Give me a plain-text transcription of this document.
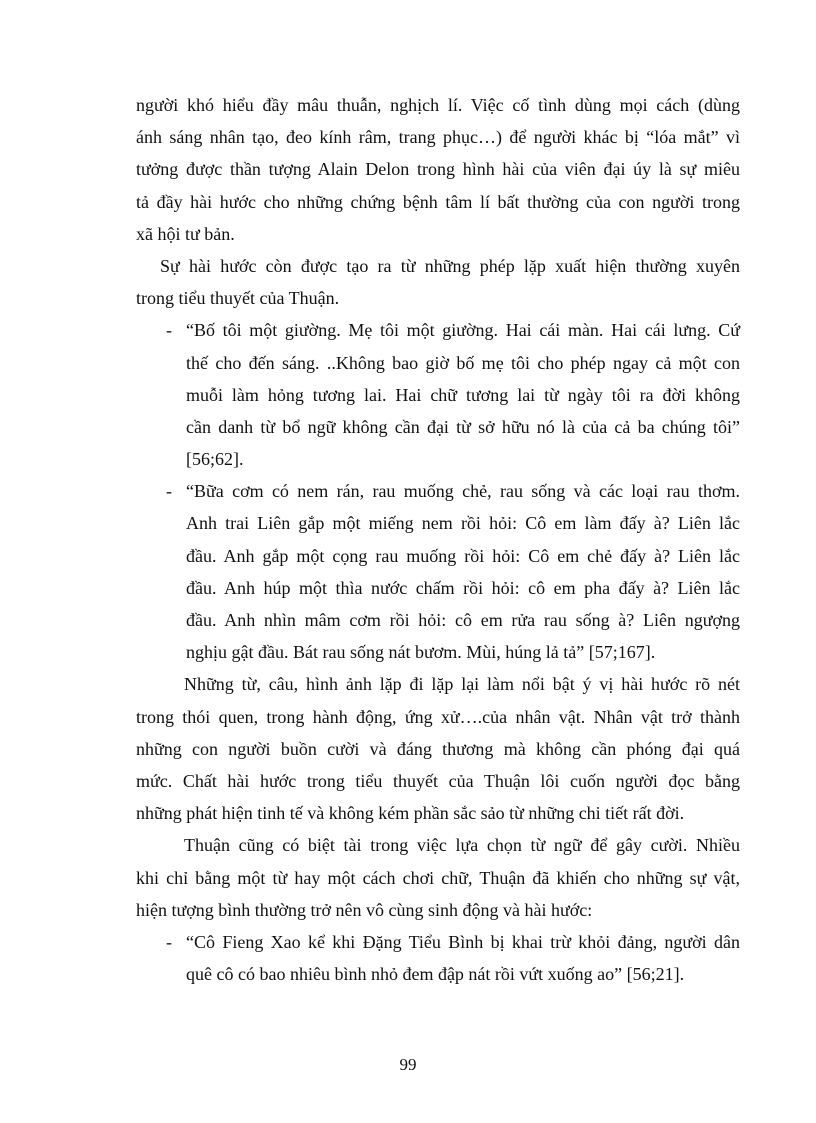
người khó hiểu đầy mâu thuẫn, nghịch lí. Việc cố tình dùng mọi cách (dùng
ánh sáng nhân tạo, đeo kính râm, trang phục…) để người khác bị “lóa mắt” vì
tưởng được thần tượng Alain Delon trong hình hài của viên đại úy là sự miêu
tả đầy hài hước cho những chứng bệnh tâm lí bất thường của con người trong
xã hội tư bản.
Sự hài hước còn được tạo ra từ những phép lặp xuất hiện thường xuyên
trong tiểu thuyết của Thuận.
- “Bố tôi một giường. Mẹ tôi một giường. Hai cái màn. Hai cái lưng. Cứ
thế cho đến sáng. ..Không bao giờ bố mẹ tôi cho phép ngay cả một con
muỗi làm hỏng tương lai. Hai chữ tương lai từ ngày tôi ra đời không
cần danh từ bổ ngữ không cần đại từ sở hữu nó là của cả ba chúng tôi”
[56;62].
- “Bữa cơm có nem rán, rau muống chẻ, rau sống và các loại rau thơm.
Anh trai Liên gắp một miếng nem rồi hỏi: Cô em làm đấy à? Liên lắc
đầu. Anh gắp một cọng rau muống rồi hỏi: Cô em chẻ đấy à? Liên lắc
đầu. Anh húp một thìa nước chấm rồi hỏi: cô em pha đấy à? Liên lắc
đầu. Anh nhìn mâm cơm rồi hỏi: cô em rửa rau sống à? Liên ngượng
nghịu gật đầu. Bát rau sống nát bươm. Mùi, húng lả tả” [57;167].
Những từ, câu, hình ảnh lặp đi lặp lại làm nổi bật ý vị hài hước rõ nét
trong thói quen, trong hành động, ứng xử….của nhân vật. Nhân vật trở thành
những con người buồn cười và đáng thương mà không cần phóng đại quá
mức. Chất hài hước trong tiểu thuyết của Thuận lôi cuốn người đọc bằng
những phát hiện tinh tế và không kém phần sắc sảo từ những chi tiết rất đời.
Thuận cũng có biệt tài trong việc lựa chọn từ ngữ để gây cười. Nhiều
khi chỉ bằng một từ hay một cách chơi chữ, Thuận đã khiến cho những sự vật,
hiện tượng bình thường trở nên vô cùng sinh động và hài hước:
- “Cô Fieng Xao kể khi Đặng Tiểu Bình bị khai trừ khỏi đảng, người dân
quê cô có bao nhiêu bình nhỏ đem đập nát rồi vứt xuống ao” [56;21].
99
